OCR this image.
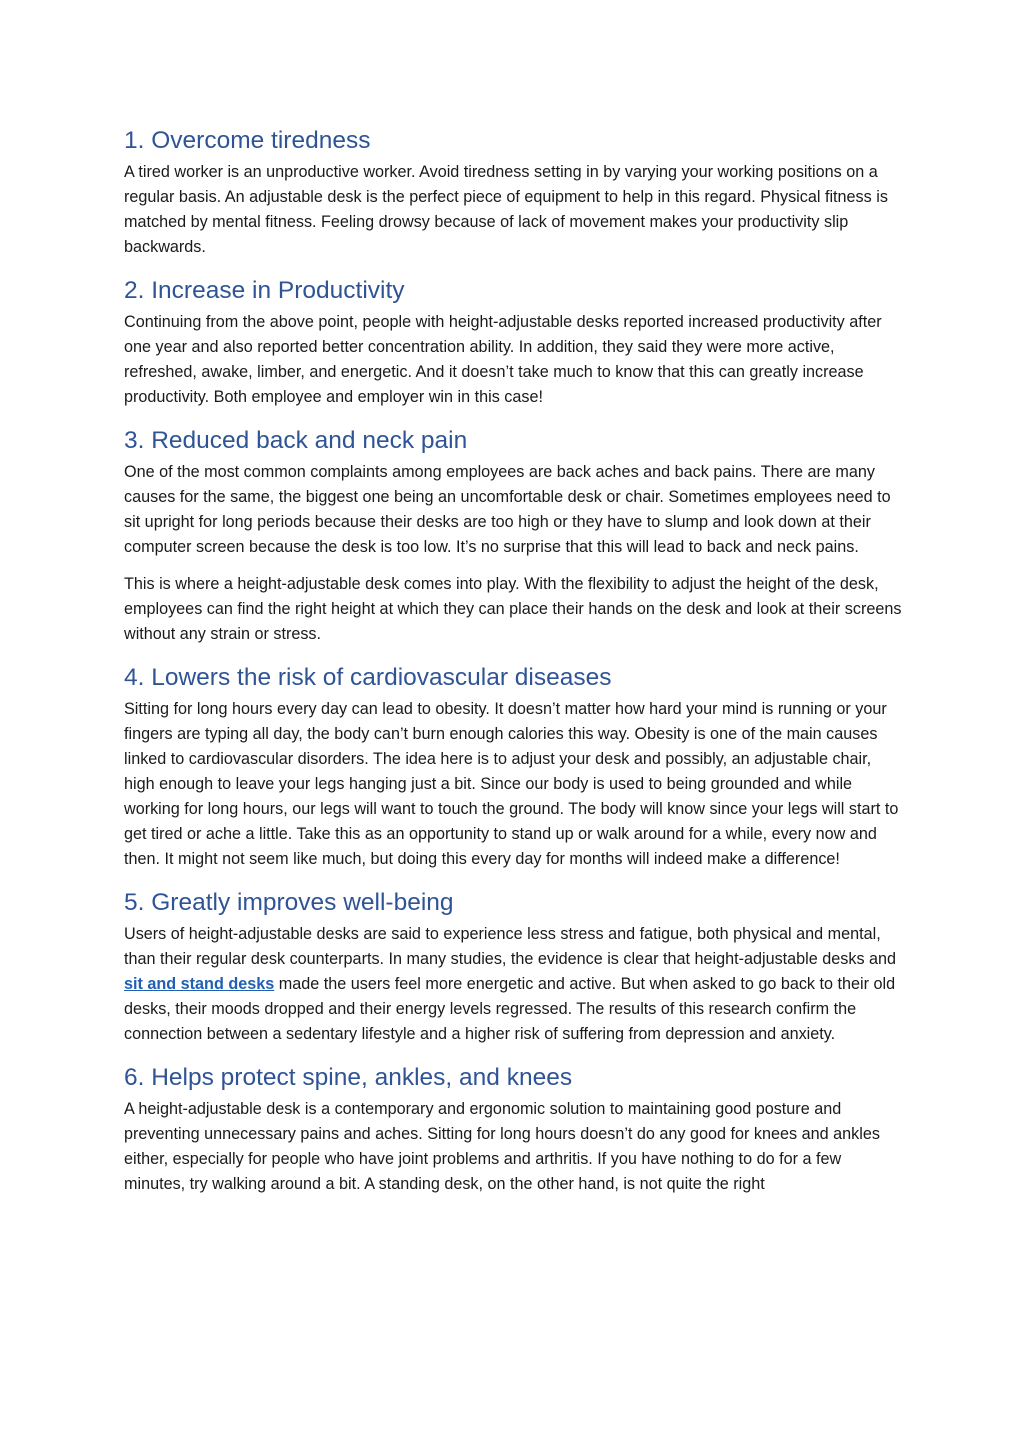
1. Overcome tiredness

A tired worker is an unproductive worker. Avoid tiredness setting in by varying your working positions on a regular basis. An adjustable desk is the perfect piece of equipment to help in this regard. Physical fitness is matched by mental fitness. Feeling drowsy because of lack of movement makes your productivity slip backwards.

2. Increase in Productivity

Continuing from the above point, people with height-adjustable desks reported increased productivity after one year and also reported better concentration ability. In addition, they said they were more active, refreshed, awake, limber, and energetic. And it doesn’t take much to know that this can greatly increase productivity. Both employee and employer win in this case!

3. Reduced back and neck pain

One of the most common complaints among employees are back aches and back pains. There are many causes for the same, the biggest one being an uncomfortable desk or chair. Sometimes employees need to sit upright for long periods because their desks are too high or they have to slump and look down at their computer screen because the desk is too low. It’s no surprise that this will lead to back and neck pains.

This is where a height-adjustable desk comes into play. With the flexibility to adjust the height of the desk, employees can find the right height at which they can place their hands on the desk and look at their screens without any strain or stress.

4. Lowers the risk of cardiovascular diseases

Sitting for long hours every day can lead to obesity. It doesn’t matter how hard your mind is running or your fingers are typing all day, the body can’t burn enough calories this way. Obesity is one of the main causes linked to cardiovascular disorders. The idea here is to adjust your desk and possibly, an adjustable chair, high enough to leave your legs hanging just a bit. Since our body is used to being grounded and while working for long hours, our legs will want to touch the ground. The body will know since your legs will start to get tired or ache a little. Take this as an opportunity to stand up or walk around for a while, every now and then. It might not seem like much, but doing this every day for months will indeed make a difference!

5. Greatly improves well-being

Users of height-adjustable desks are said to experience less stress and fatigue, both physical and mental, than their regular desk counterparts. In many studies, the evidence is clear that height-adjustable desks and sit and stand desks made the users feel more energetic and active. But when asked to go back to their old desks, their moods dropped and their energy levels regressed. The results of this research confirm the connection between a sedentary lifestyle and a higher risk of suffering from depression and anxiety.

6. Helps protect spine, ankles, and knees

A height-adjustable desk is a contemporary and ergonomic solution to maintaining good posture and preventing unnecessary pains and aches. Sitting for long hours doesn’t do any good for knees and ankles either, especially for people who have joint problems and arthritis. If you have nothing to do for a few minutes, try walking around a bit. A standing desk, on the other hand, is not quite the right
